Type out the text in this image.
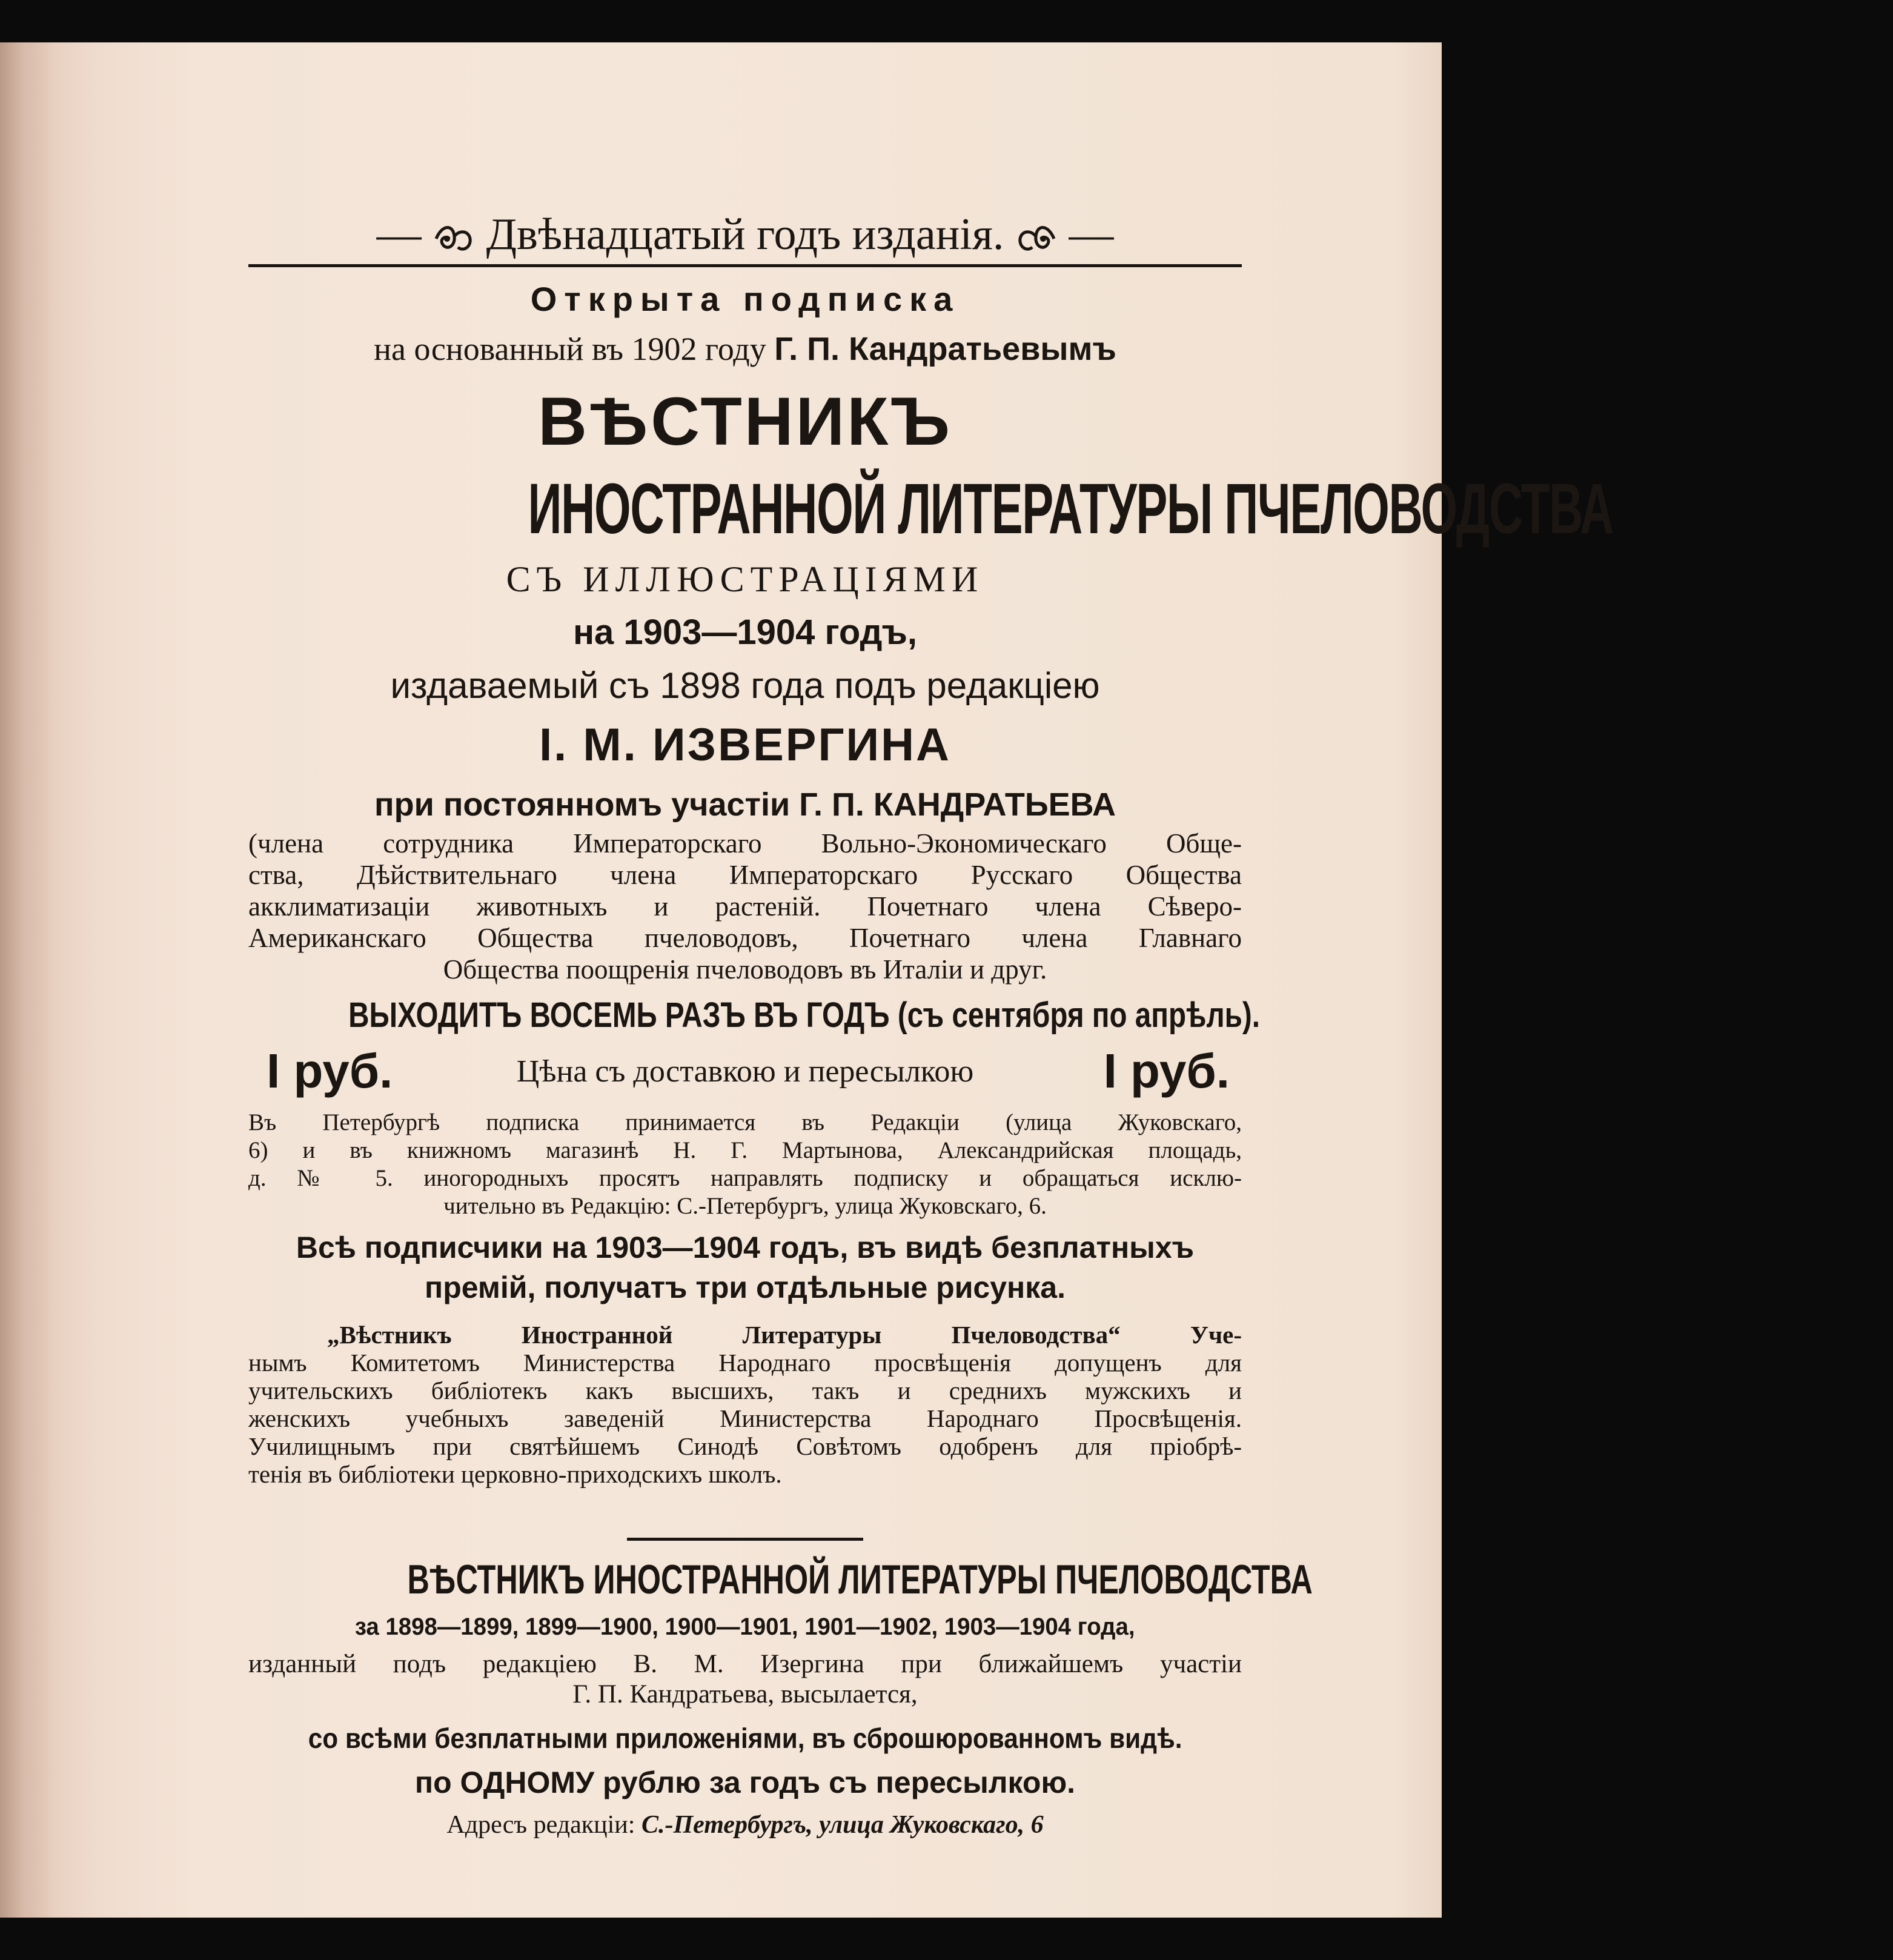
— Двѣнадцатый годъ изданія. —
Открыта подписка
на основанный въ 1902 году Г. П. Кандратьевымъ
ВѢСТНИКЪ
ИНОСТРАННОЙ ЛИТЕРАТУРЫ ПЧЕЛОВОДСТВА
СЪ ИЛЛЮСТРАЦІЯМИ
на 1903—1904 годъ,
издаваемый съ 1898 года подъ редакціею
I. М. ИЗВЕРГИНА
при постоянномъ участіи Г. П. КАНДРАТЬЕВА

(члена сотрудника Императорскаго Вольно-Экономическаго Обще-

ства, Дѣйствительнаго члена Императорскаго Русскаго Общества

акклиматизаціи животныхъ и растеній. Почетнаго члена Сѣверо-

Американскаго Общества пчеловодовъ, Почетнаго члена Главнаго

Общества поощренія пчеловодовъ въ Италіи и друг.

ВЫХОДИТЪ ВОСЕМЬ РАЗЪ ВЪ ГОДЪ (съ сентября по апрѣль).
I руб.	Цѣна съ доставкою и пересылкою	I руб.

Въ Петербургѣ подписка принимается въ Редакціи (улица Жуковскаго,

6) и въ книжномъ магазинѣ Н. Г. Мартынова, Александрийская площадь,

д. № 5. иногородныхъ просятъ направлять подписку и обращаться исклю-

чительно въ Редакцію: С.-Петербургъ, улица Жуковскаго, 6.

Всѣ подписчики на 1903—1904 годъ, въ видѣ безплатныхъ
премій, получатъ три отдѣльные рисунка.

„Вѣстникъ Иностранной Литературы Пчеловодства“ Уче-

нымъ Комитетомъ Министерства Народнаго просвѣщенія допущенъ для

учительскихъ библіотекъ какъ высшихъ, такъ и среднихъ мужскихъ и

женскихъ учебныхъ заведеній Министерства Народнаго Просвѣщенія.

Училищнымъ при святѣйшемъ Синодѣ Совѣтомъ одобренъ для пріобрѣ-

тенія въ библіотеки церковно-приходскихъ школъ.

ВѢСТНИКЪ ИНОСТРАННОЙ ЛИТЕРАТУРЫ ПЧЕЛОВОДСТВА
за 1898—1899, 1899—1900, 1900—1901, 1901—1902, 1903—1904 года,

изданный подъ редакціею В. М. Изергина при ближайшемъ участіи

Г. П. Кандратьева, высылается,

со всѣми безплатными приложеніями, въ сброшюрованномъ видѣ.
по ОДНОМУ рублю за годъ съ пересылкою.
Адресъ редакціи: С.-Петербургъ, улица Жуковскаго, 6
